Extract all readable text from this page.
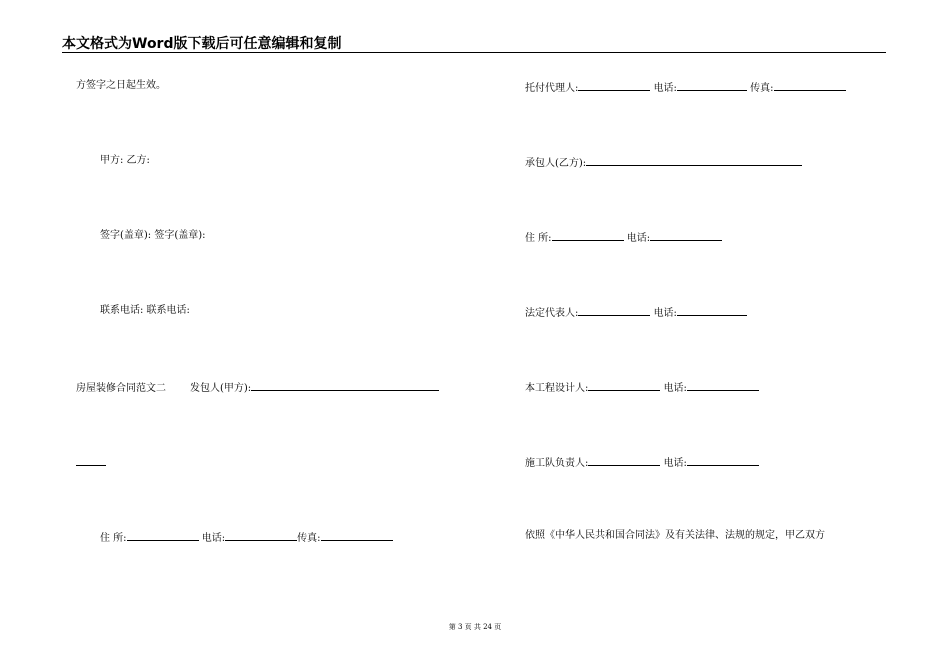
本文格式为Word版下载后可任意编辑和复制
方签字之日起生效。
甲方: 乙方:
签字(盖章): 签字(盖章):
联系电话: 联系电话:
房屋装修合同范文二 发包人(甲方):
住 所:	电话:	传真:
托付代理人:	电话:	传真:
承包人(乙方):
住 所:	电话:
法定代表人:	电话:
本工程设计人:	电话:
施工队负责人:	电话:
依照《中华人民共和国合同法》及有关法律、法规的规定，甲乙双方
第 3 页 共 24 页
